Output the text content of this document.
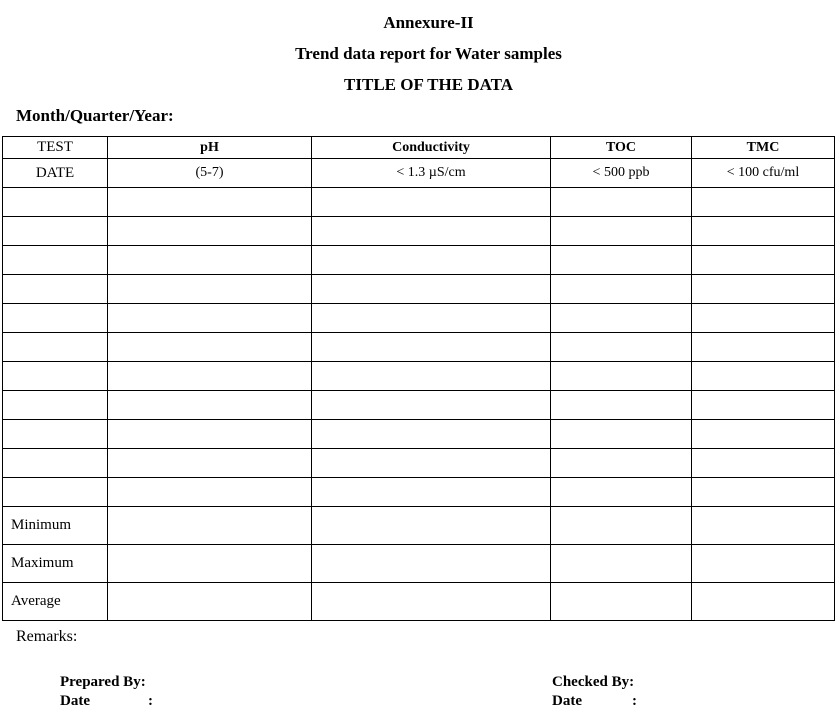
Annexure-II
Trend data report for Water samples
TITLE OF THE DATA
Month/Quarter/Year:
TEST	pH	Conductivity	TOC	TMC
DATE	(5-7)	< 1.3 µS/cm	< 500 ppb	< 100 cfu/ml

Minimum				
Maximum				
Average				
Remarks:
Prepared By:
Date	:
Checked By:
Date	:
